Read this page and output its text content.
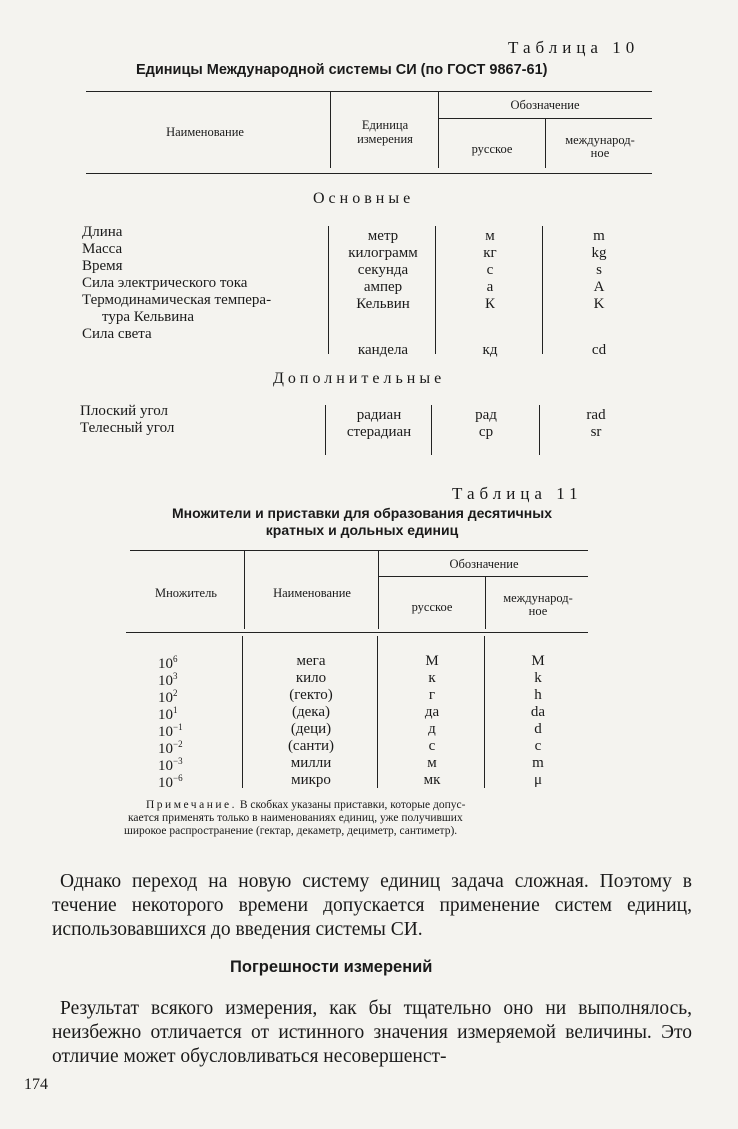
Таблица 10
Единицы Международной системы СИ (по ГОСТ 9867-61)
Наименование	Единица
измерения
Обозначение
русское
международ-
ное
Основные
Длина
Масса
Время
Сила электрического тока
Термодинамическая темпера-
тура Кельвина
Сила света
метр
килограмм
секунда
ампер
Кельвин
кандела
м
кг
с
а
К
кд
m
kg
s
A
K
cd
Дополнительные
Плоский угол
Телесный угол
радиан
стерадиан
рад
ср
rad
sr
Таблица 11
Множители и приставки для образования десятичных
кратных и дольных единиц
Множитель	Наименование
Обозначение
русское
международ-
ное
$10^6$
$10^3$
$10^2$
$10^1$
$10^{-1}$
$10^{-2}$
$10^{-3}$
$10^{-6}$
мега
кило
(гекто)
(дека)
(деци)
(санти)
милли
микро
М
к
г
да
д
с
м
мк
M
k
h
da
d
c
m
μ
Примечание. В скобках указаны приставки, которые допус-
кается применять только в наименованиях единиц, уже получивших
широкое распространение (гектар, декаметр, дециметр, сантиметр).
Однако переход на новую систему единиц задача сложная. Поэтому в течение некоторого времени допускается применение систем единиц, использовавшихся до введения системы СИ.
Погрешности измерений
Результат всякого измерения, как бы тщательно оно ни выполнялось, неизбежно отличается от истинного значения измеряемой величины. Это отличие может обусловливаться несовершенст-
174
